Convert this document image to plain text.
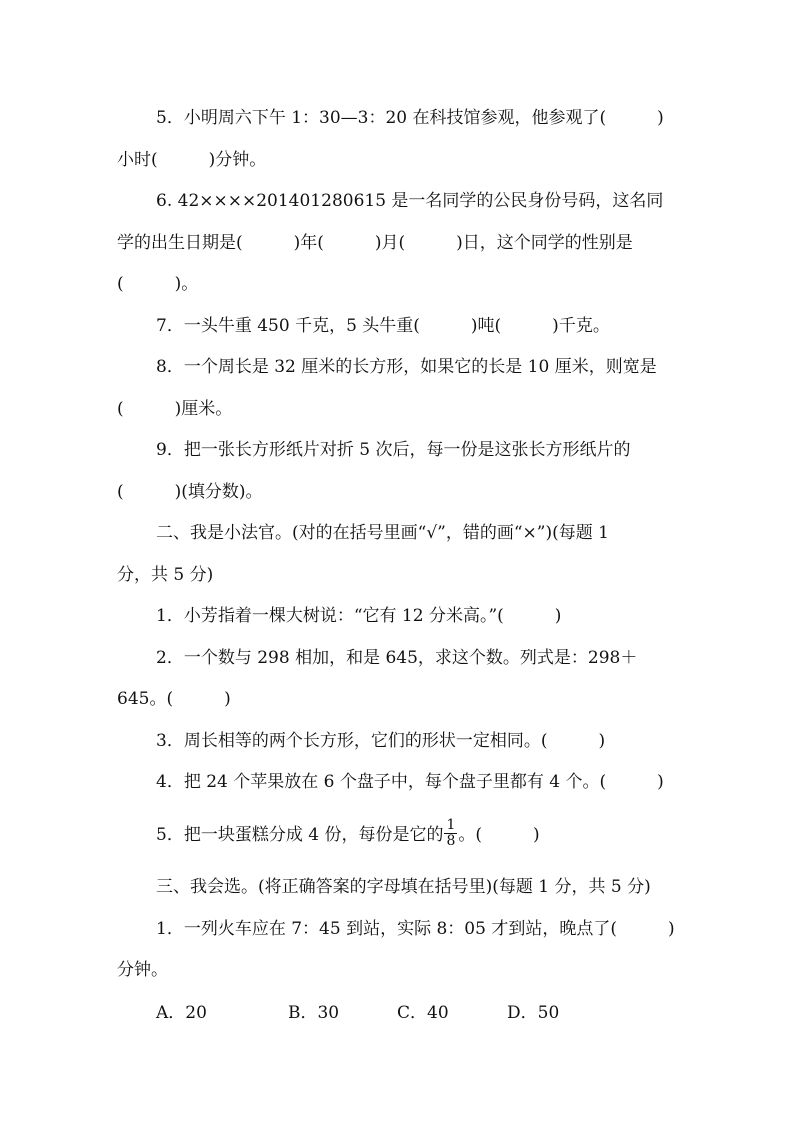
5．小明周六下午 1：30—3：20 在科技馆参观，他参观了(　　　)
小时(　　　)分钟。
6. 42××××201401280615 是一名同学的公民身份号码，这名同
学的出生日期是(　　　)年(　　　)月(　　　)日，这个同学的性别是
(　　　)。
7．一头牛重 450 千克，5 头牛重(　　　)吨(　　　)千克。
8．一个周长是 32 厘米的长方形，如果它的长是 10 厘米，则宽是
(　　　)厘米。
9．把一张长方形纸片对折 5 次后，每一份是这张长方形纸片的
(　　　)(填分数)。
二、我是小法官。(对的在括号里画“√”，错的画“×”)(每题 1
分，共 5 分)
1．小芳指着一棵大树说：“它有 12 分米高。”(　　　)
2．一个数与 298 相加，和是 645，求这个数。列式是：298＋
645。(　　　)
3．周长相等的两个长方形，它们的形状一定相同。(　　　)
4．把 24 个苹果放在 6 个盘子中，每个盘子里都有 4 个。(　　　)
5．把一块蛋糕分成 4 份，每份是它的 $\frac{1}{8}$ 。(　　　)
三、我会选。(将正确答案的字母填在括号里)(每题 1 分，共 5 分)
1．一列火车应在 7：45 到站，实际 8：05 才到站，晚点了(　　　)
分钟。
A．20	B．30	C．40	D．50
